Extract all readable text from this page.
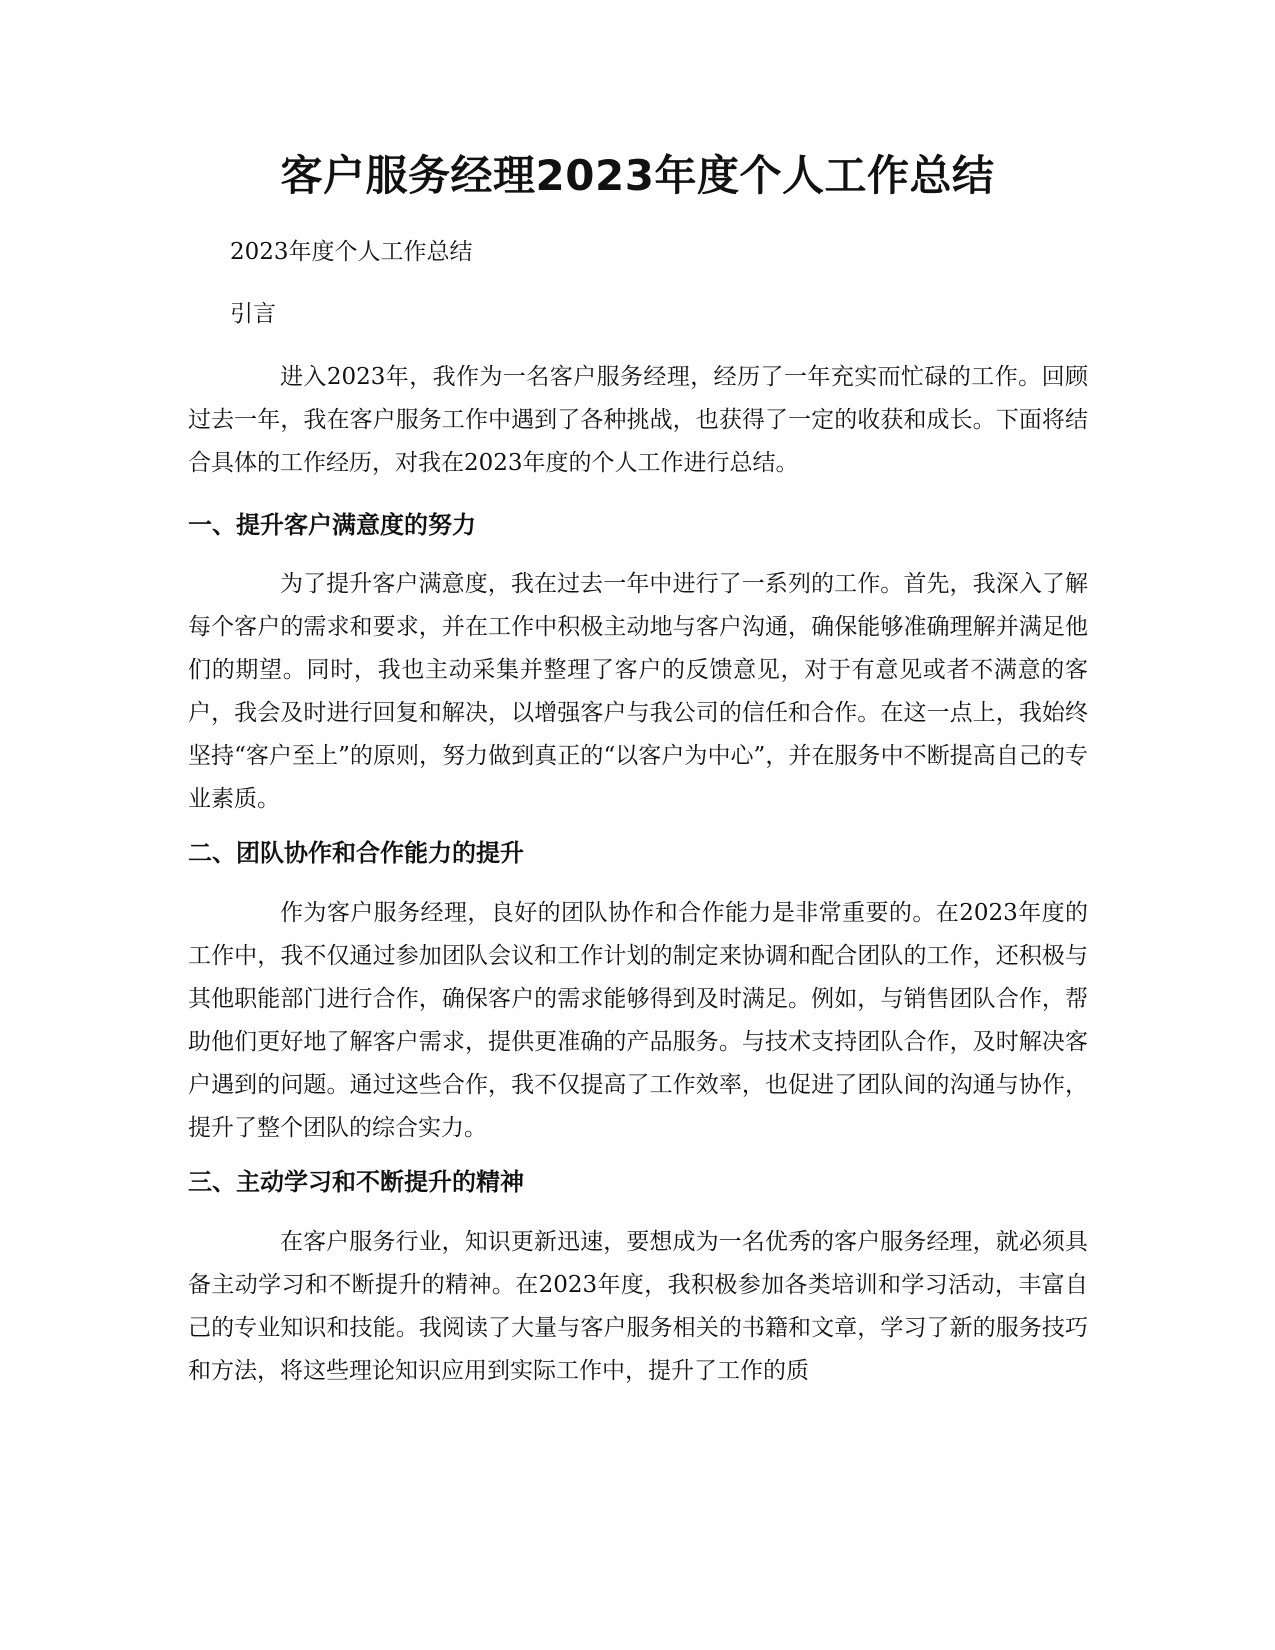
客户服务经理2023年度个人工作总结

2023年度个人工作总结

引言

进入2023年，我作为一名客户服务经理，经历了一年充实而忙碌的工作。回顾过去一年，我在客户服务工作中遇到了各种挑战，也获得了一定的收获和成长。下面将结合具体的工作经历，对我在2023年度的个人工作进行总结。

一、提升客户满意度的努力

为了提升客户满意度，我在过去一年中进行了一系列的工作。首先，我深入了解每个客户的需求和要求，并在工作中积极主动地与客户沟通，确保能够准确理解并满足他们的期望。同时，我也主动采集并整理了客户的反馈意见，对于有意见或者不满意的客户，我会及时进行回复和解决，以增强客户与我公司的信任和合作。在这一点上，我始终坚持“客户至上”的原则，努力做到真正的“以客户为中心”，并在服务中不断提高自己的专业素质。

二、团队协作和合作能力的提升

作为客户服务经理，良好的团队协作和合作能力是非常重要的。在2023年度的工作中，我不仅通过参加团队会议和工作计划的制定来协调和配合团队的工作，还积极与其他职能部门进行合作，确保客户的需求能够得到及时满足。例如，与销售团队合作，帮助他们更好地了解客户需求，提供更准确的产品服务。与技术支持团队合作，及时解决客户遇到的问题。通过这些合作，我不仅提高了工作效率，也促进了团队间的沟通与协作，提升了整个团队的综合实力。

三、主动学习和不断提升的精神

在客户服务行业，知识更新迅速，要想成为一名优秀的客户服务经理，就必须具备主动学习和不断提升的精神。在2023年度，我积极参加各类培训和学习活动，丰富自己的专业知识和技能。我阅读了大量与客户服务相关的书籍和文章，学习了新的服务技巧和方法，将这些理论知识应用到实际工作中，提升了工作的质
